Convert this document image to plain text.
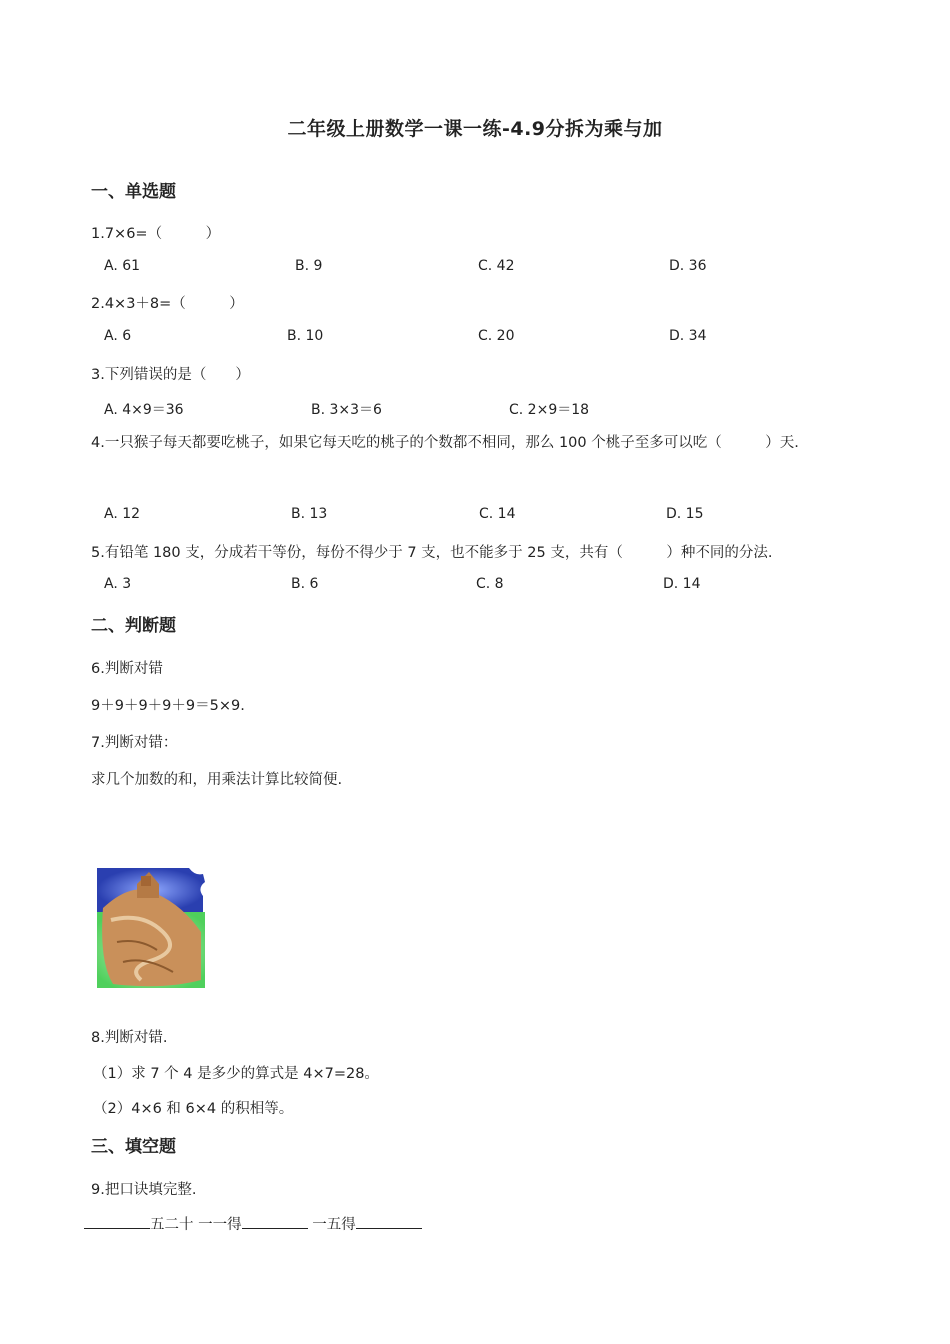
二年级上册数学一课一练-4.9分拆为乘与加
一、单选题
1.7×6=（　　　）
A. 61	B. 9	C. 42	D. 36
2.4×3＋8=（　　　）
A. 6	B. 10	C. 20	D. 34
3.下列错误的是（　　）
A. 4×9＝36	B. 3×3＝6	C. 2×9＝18
4.一只猴子每天都要吃桃子，如果它每天吃的桃子的个数都不相同，那么 100 个桃子至多可以吃（　　　）天.
A. 12	B. 13	C. 14	D. 15
5.有铅笔 180 支，分成若干等份，每份不得少于 7 支，也不能多于 25 支，共有（　　　）种不同的分法.
A. 3	B. 6	C. 8	D. 14
二、判断题
6.判断对错
9＋9＋9＋9＋9＝5×9.
7.判断对错：
求几个加数的和，用乘法计算比较简便.
8.判断对错.
（1）求 7 个 4 是多少的算式是 4×7=28。
（2）4×6 和 6×4 的积相等。
三、填空题
9.把口诀填完整.
五二十 一一得	一五得
